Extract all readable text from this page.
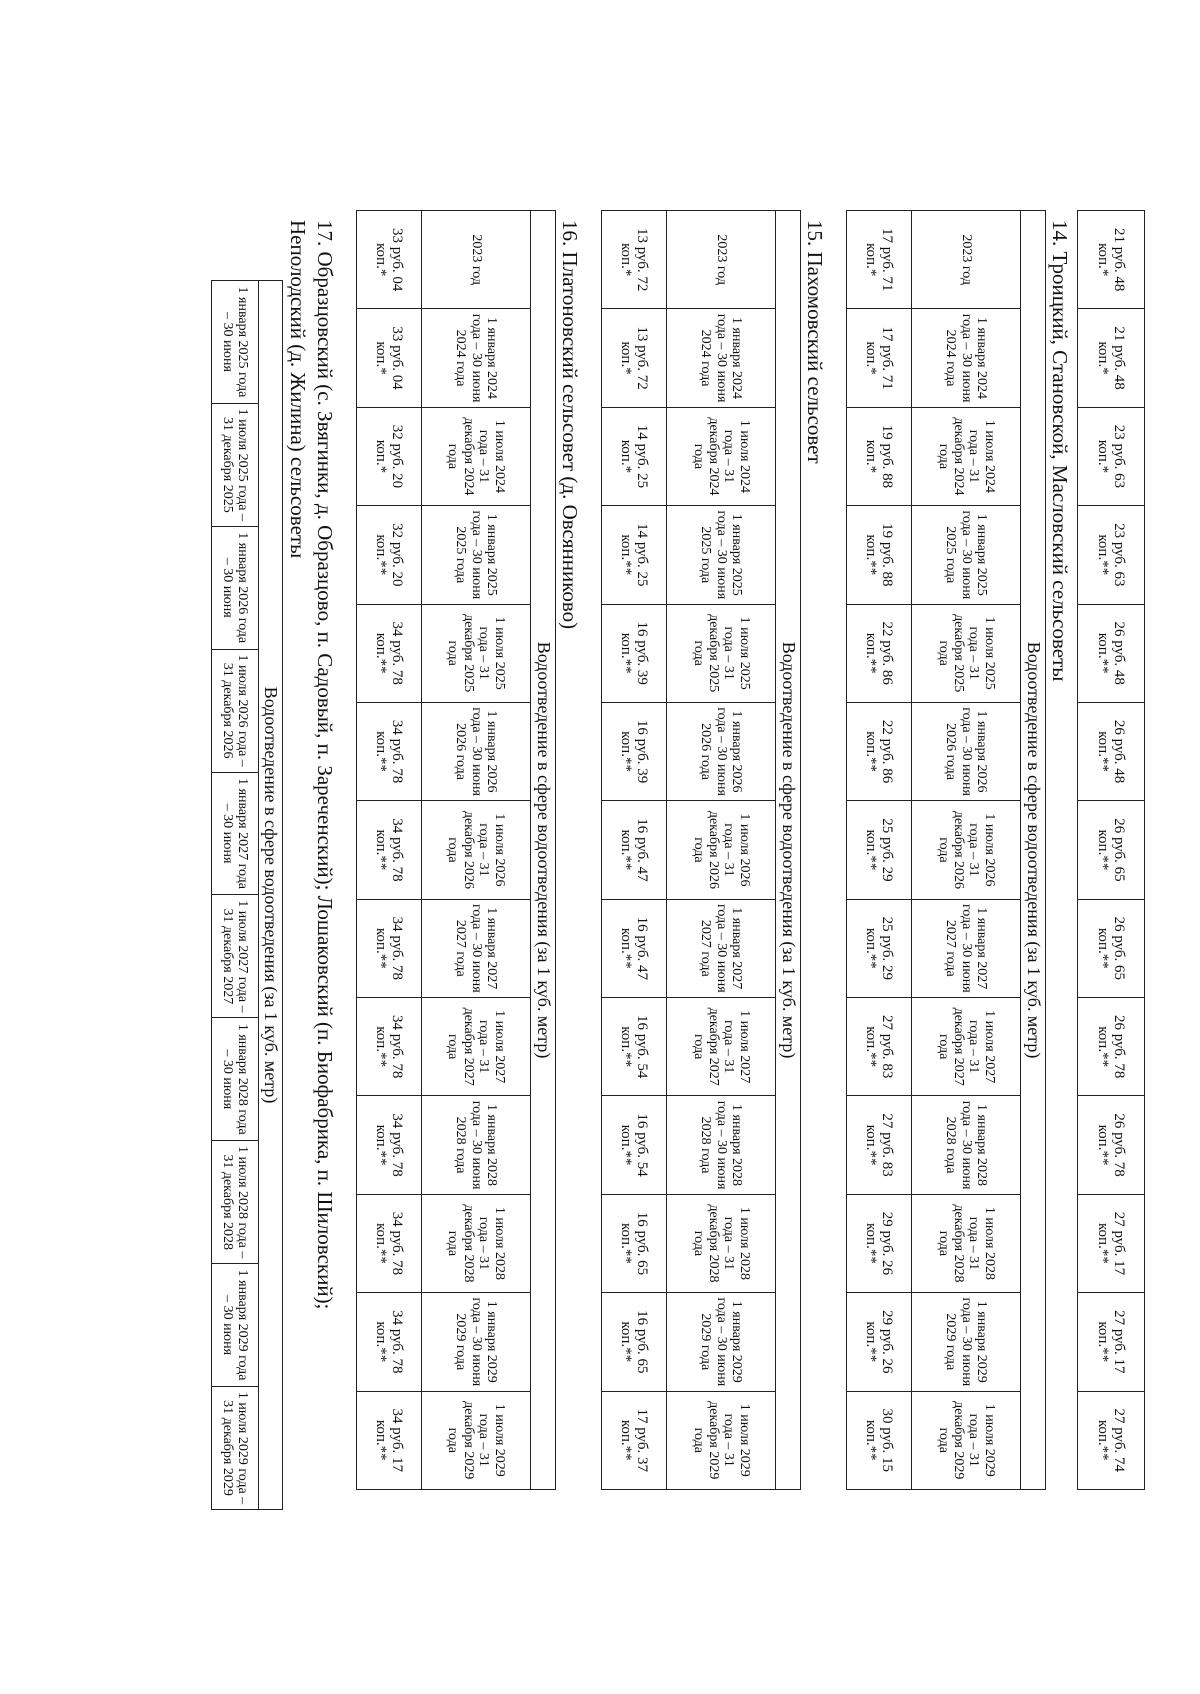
21 руб. 48 коп.*	21 руб. 48 коп.*	23 руб. 63 коп.*	23 руб. 63 коп.**	26 руб. 48 коп.**	26 руб. 48 коп.**	26 руб. 65 коп.**	26 руб. 65 коп.**	26 руб. 78 коп.**	26 руб. 78 коп.**	27 руб. 17 коп.**	27 руб. 17 коп.**	27 руб. 74 коп.**
14. Троицкий, Становской, Масловский сельсоветы
Водоотведение в сфере водоотведения (за 1 куб. метр)												
2023 год	1 января 2024 года – 30 июня 2024 года	1 июля 2024 года – 31 декабря 2024 года	1 января 2025 года – 30 июня 2025 года	1 июля 2025 года – 31 декабря 2025 года	1 января 2026 года – 30 июня 2026 года	1 июля 2026 года – 31 декабря 2026 года	1 января 2027 года – 30 июня 2027 года	1 июля 2027 года – 31 декабря 2027 года	1 января 2028 года – 30 июня 2028 года	1 июля 2028 года – 31 декабря 2028 года	1 января 2029 года – 30 июня 2029 года	1 июля 2029 года – 31 декабря 2029 года
17 руб. 71 коп.*	17 руб. 71 коп.*	19 руб. 88 коп.*	19 руб. 88 коп.**	22 руб. 86 коп.**	22 руб. 86 коп.**	25 руб. 29 коп.**	25 руб. 29 коп.**	27 руб. 83 коп.**	27 руб. 83 коп.**	29 руб. 26 коп.**	29 руб. 26 коп.**	30 руб. 15 коп.**
15. Пахомовский сельсовет
Водоотведение в сфере водоотведения (за 1 куб. метр)												
2023 год	1 января 2024 года – 30 июня 2024 года	1 июля 2024 года – 31 декабря 2024 года	1 января 2025 года – 30 июня 2025 года	1 июля 2025 года – 31 декабря 2025 года	1 января 2026 года – 30 июня 2026 года	1 июля 2026 года – 31 декабря 2026 года	1 января 2027 года – 30 июня 2027 года	1 июля 2027 года – 31 декабря 2027 года	1 января 2028 года – 30 июня 2028 года	1 июля 2028 года – 31 декабря 2028 года	1 января 2029 года – 30 июня 2029 года	1 июля 2029 года – 31 декабря 2029 года
13 руб. 72 коп.*	13 руб. 72 коп.*	14 руб. 25 коп.*	14 руб. 25 коп.**	16 руб. 39 коп.**	16 руб. 39 коп.**	16 руб. 47 коп.**	16 руб. 47 коп.**	16 руб. 54 коп.**	16 руб. 54 коп.**	16 руб. 65 коп.**	16 руб. 65 коп.**	17 руб. 37 коп.**
16. Платоновский сельсовет (д. Овсянниково)
Водоотведение в сфере водоотведения (за 1 куб. метр)												
2023 год	1 января 2024 года – 30 июня 2024 года	1 июля 2024 года – 31 декабря 2024 года	1 января 2025 года – 30 июня 2025 года	1 июля 2025 года – 31 декабря 2025 года	1 января 2026 года – 30 июня 2026 года	1 июля 2026 года – 31 декабря 2026 года	1 января 2027 года – 30 июня 2027 года	1 июля 2027 года – 31 декабря 2027 года	1 января 2028 года – 30 июня 2028 года	1 июля 2028 года – 31 декабря 2028 года	1 января 2029 года – 30 июня 2029 года	1 июля 2029 года – 31 декабря 2029 года
33 руб. 04 коп.*	33 руб. 04 коп.*	32 руб. 20 коп.*	32 руб. 20 коп.**	34 руб. 78 коп.**	34 руб. 78 коп.**	34 руб. 78 коп.**	34 руб. 78 коп.**	34 руб. 78 коп.**	34 руб. 78 коп.**	34 руб. 78 коп.**	34 руб. 78 коп.**	34 руб. 17 коп.**
17. Образцовский (с. Звягинки, д. Образцово, п. Садовый, п. Зареченский); Лошаковский (п. Биофабрика, п. Шиловский);
Неполодский (д. Жилина) сельсоветы
Водоотведение в сфере водоотведения (за 1 куб. метр)
1 января 2025 года – 30 июня	1 июля 2025 года – 31 декабря 2025	1 января 2026 года – 30 июня	1 июля 2026 года – 31 декабря 2026	1 января 2027 года – 30 июня	1 июля 2027 года – 31 декабря 2027	1 января 2028 года – 30 июня	1 июля 2028 года – 31 декабря 2028	1 января 2029 года – 30 июня	1 июля 2029 года – 31 декабря 2029
